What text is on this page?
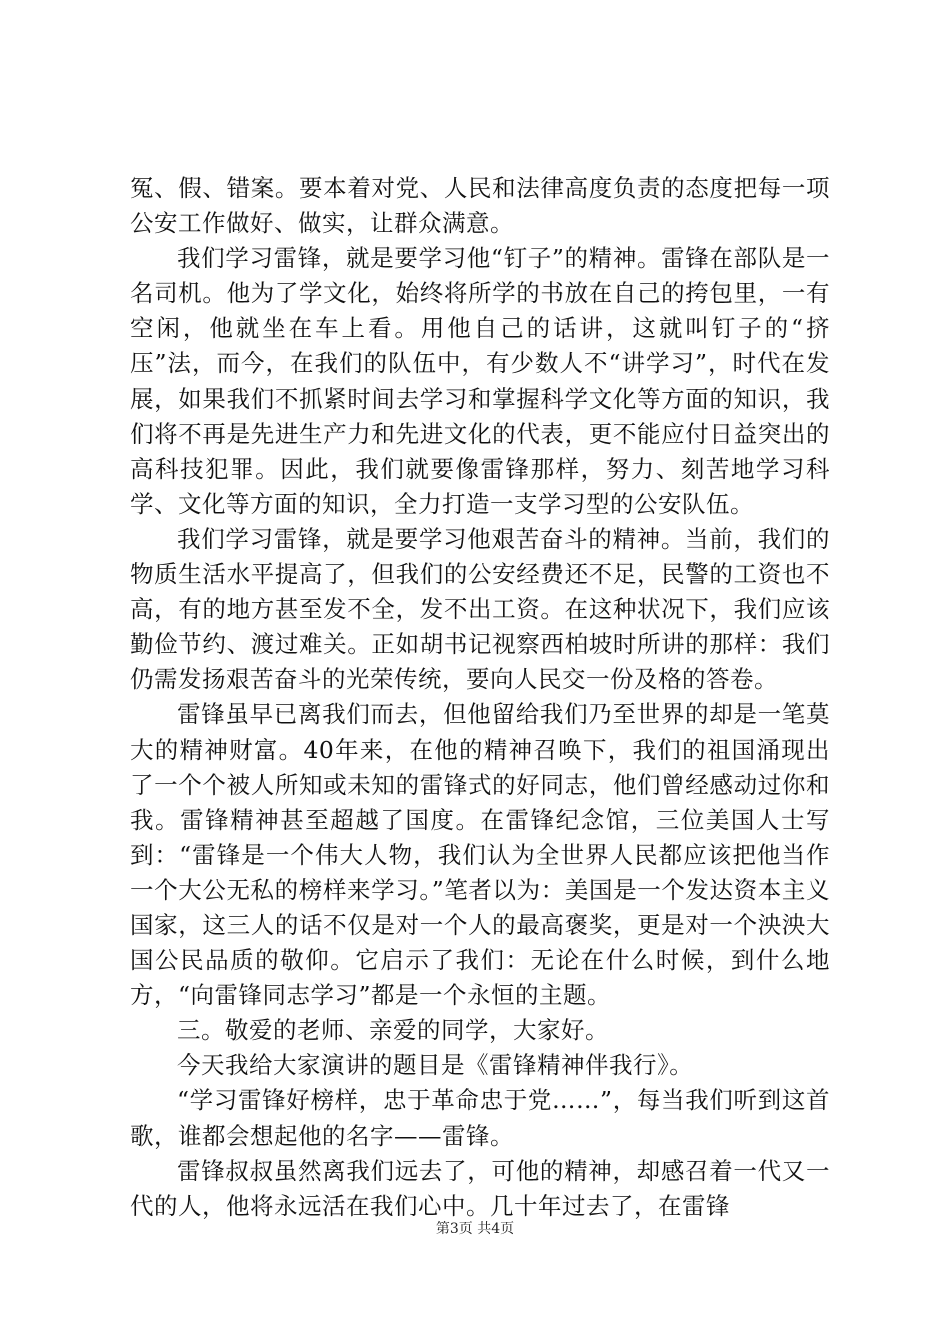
冤、假、错案。要本着对党、人民和法律高度负责的态度把每一项公安工作做好、做实，让群众满意。

我们学习雷锋，就是要学习他“钉子”的精神。雷锋在部队是一名司机。他为了学文化，始终将所学的书放在自己的挎包里，一有空闲，他就坐在车上看。用他自己的话讲，这就叫钉子的“挤压”法，而今，在我们的队伍中，有少数人不“讲学习”，时代在发展，如果我们不抓紧时间去学习和掌握科学文化等方面的知识，我们将不再是先进生产力和先进文化的代表，更不能应付日益突出的高科技犯罪。因此，我们就要像雷锋那样，努力、刻苦地学习科学、文化等方面的知识，全力打造一支学习型的公安队伍。

我们学习雷锋，就是要学习他艰苦奋斗的精神。当前，我们的物质生活水平提高了，但我们的公安经费还不足，民警的工资也不高，有的地方甚至发不全，发不出工资。在这种状况下，我们应该勤俭节约、渡过难关。正如胡书记视察西柏坡时所讲的那样：我们仍需发扬艰苦奋斗的光荣传统，要向人民交一份及格的答卷。

雷锋虽早已离我们而去，但他留给我们乃至世界的却是一笔莫大的精神财富。40年来，在他的精神召唤下，我们的祖国涌现出了一个个被人所知或未知的雷锋式的好同志，他们曾经感动过你和我。雷锋精神甚至超越了国度。在雷锋纪念馆，三位美国人士写到：“雷锋是一个伟大人物，我们认为全世界人民都应该把他当作一个大公无私的榜样来学习。”笔者以为：美国是一个发达资本主义国家，这三人的话不仅是对一个人的最高褒奖，更是对一个泱泱大国公民品质的敬仰。它启示了我们：无论在什么时候，到什么地方，“向雷锋同志学习”都是一个永恒的主题。

三。敬爱的老师、亲爱的同学，大家好。

今天我给大家演讲的题目是《雷锋精神伴我行》。

“学习雷锋好榜样，忠于革命忠于党……”，每当我们听到这首歌，谁都会想起他的名字——雷锋。

雷锋叔叔虽然离我们远去了，可他的精神，却感召着一代又一代的人，他将永远活在我们心中。几十年过去了，在雷锋

第3页 共4页
